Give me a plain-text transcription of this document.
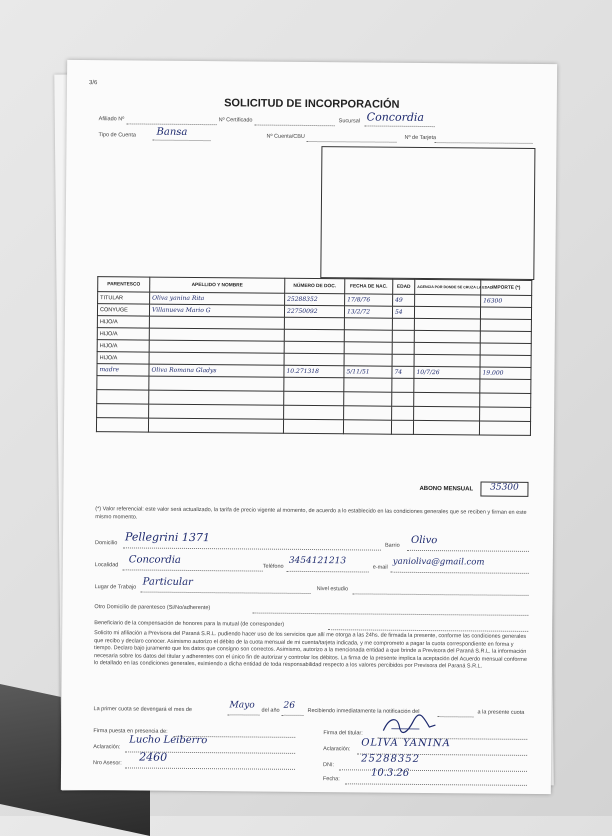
3/6
SOLICITUD DE INCORPORACIÓN
Afiliado Nº	Nº Certificado	Sucursal Concordia
Tipo de Cuenta Bansa	Nº Cuenta/CBU	Nº de Tarjeta
PARENTESCO	APELLIDO Y NOMBRE	NÚMERO DE DOC.	FECHA DE NAC.	EDAD	AGENCIA POR DONDE SE CRUZA LA EDAD	IMPORTE (*)
TITULAR	Oliva yanina Rita	25288352	17/8/76	49		16300
CONYUGE	Villanueva Mario G	22750092	13/2/72	54		
HIJO/A						
HIJO/A						
HIJO/A						
HIJO/A						
madre	Oliva Romana Gladys	10.271318	5/11/51	74	10/7/26	19.000

ABONO MENSUAL	35300
(*) Valor referencial: este valor será actualizado, la tarifa de precio vigente al momento, de acuerdo a lo establecido en las condiciones generales que se reciben y firman en este mismo momento.
Domicilio Pellegrini 1371
Barrio Olivo
Localidad Concordia
Teléfono
3454121213
e-mail
yanioliva@gmail.com
Lugar de Trabajo Particular
Nivel estudio
Otro Domicilio de parentesco (Si/No/adherente)
Beneficiario de la compensación de honores para la mutual (de corresponder)
Solicito mi afiliación a Previsora del Paraná S.R.L. pudiendo hacer uso de los servicios que allí me otorga a las 24hs. de firmada la presente, conforme las condiciones generales que recibo y declaro conocer. Asimismo autorizo el débito de la cuota mensual de mi cuenta/tarjeta indicada, y me comprometo a pagar la cuota correspondiente en forma y tiempo. Declaro bajo juramento que los datos que consigno son correctos. Asimismo, autorizo a la mencionada entidad a que brinde a Previsora del Paraná S.R.L. la información necesaria sobre los datos del titular y adherentes con el único fin de autorizar y controlar los débitos. La firma de la presente implica la aceptación del Acuerdo mensual conforme lo detallado en las condiciones generales, eximiendo a dicha entidad de toda responsabilidad respecto a los valores percibidos por Previsora del Paraná S.R.L.
La primer cuota se devengará el mes de	Mayo
del año 26
Recibiendo inmediatamente la notificación del	a la presente cuota
Firma puesta en presencia de:
Aclaración:
Lucho Leiberro
Nro Asesor: 2460
Firma del titular:
Aclaración:
OLIVA YANINA
DNI:
25288352
Fecha:
10.3.26
